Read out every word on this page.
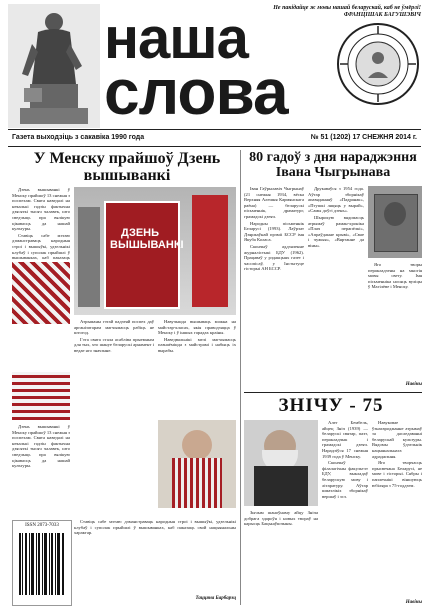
Не пакідайце ж мовы нашай беларускай, каб не ўмёрлі!
ФРАНЦІШАК БАГУШЭВІЧ
наша
слова
Газета выходзіць з сакавіка 1990 года	№ 51 (1202) 17 СНЕЖНЯ 2014 г.
У Менску прайшоў Дзень вышыванкі

Дзень вышыванкі ў Менску прайшоў 13 снежня з поспехам. Свята наведалі на некалькі гадзін фактычна дзясяткі тысяч чалавек, што сведчыць пра вялікую цікавасць да нашай культуры.

Ставіць сабе мэтаю дэманстраваць народныя строі і вышыўкі, удзельнікі клубаў і суполак прыйшлі ў вышыванках, каб паказаць

ДЗЕНЬ ВЫШЫВАНКІ

Атрыманы гэтай падзеяй поспех даў арганізатарам магчымасць рабіць яе штогод.

Гэта свята стала асабліва прыемным для тых, хто шануе беларускі арнамент і ведае яго значэнне.

Навучыцца вышываць можна на майстар-класах, якія праводзяцца ў Менску і ў іншых гарадах краіны.

Наведвальнікі мелі магчымасць пазнаёміцца з майстрамі і набыць іх вырабы.

Дзень вышыванкі ў Менску прайшоў 13 снежня з поспехам. Свята наведалі на некалькі гадзін фактычна дзясяткі тысяч чалавек, што сведчыць пра вялікую цікавасць да нашай культуры.

ISSN 2073-7033

Ставіць сабе мэтаю дэманстраваць народныя строі і вышыўкі, удзельнікі клубаў і суполак прыйшлі ў вышыванках, каб паказаць свой нацыянальны характар.

Таццяна Барбарэц
80 гадоў з дня нараджэння Івана Чыгрынава

Іван Гаўрылавіч Чыгрынаў (21 снежня 1934, вёска Верхняя Алешня Кармянскага раёна) — беларускі пісьменнік, драматург, грамадскі дзеяч.

Народны пісьменнік Беларусі (1993). Лаўрэат Дзяржаўнай прэміі БССР імя Якуба Коласа.

Скончыў аддзяленне журналістыкі БДУ (1962). Працаваў у рэдакцыях газет і часопісаў, у Інстытуце гісторыі АН БССР.

Друкаваўся з 1954 года. Аўтар зборнікаў апавяданняў «Падранак», «Птушкі ляцяць у вырай», «Самы доўгі дзень».

Шырокую вядомасць атрымаў раман-хроніка «Плач перапёлкі», «Апраўданне крыві», «Свае і чужыя», «Вяртанне да віны».

Яго творы перакладзены на многія мовы свету. Імя пісьменніка носяць вуліцы ў Магілёве і Менску.

Навіны
ЗНІЧУ - 75

Алег Бембель, айцец Зніч (1939) — беларускі святар, паэт, перакладчык і грамадскі дзеяч. Нарадзіўся 17 снежня 1939 года ў Менску.

Скончыў філалагічны факультэт БДУ, выкладаў беларускую мову і літаратуру. Аўтар шматлікіх зборнікаў вершаў і эсэ.

Навуковае ўзнагароджанне атрымаў за даследаванні беларускай культуры. Вядомы ўдзельнік нацыянальнага адраджэння.

Яго творчасць прысвечана Беларусі, яе мове і гісторыі. Сябры і паплечнікі віншуюць юбіляра з 75-годдзем.

Зычым шаноўнаму айцу Зніча добрага здароўя і новых твораў на карысць Бацькаўшчыны.

Навіны
